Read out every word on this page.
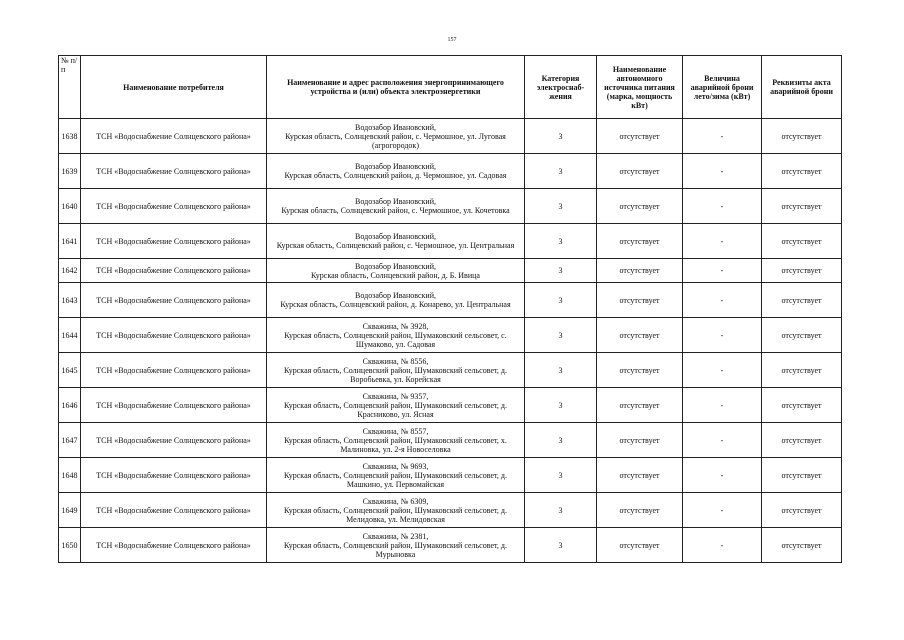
157
№ п/п	Наименование потребителя	Наименование и адрес расположения энергопринимающего устройства и (или) объекта электроэнергетики	Категория электроснаб-жения	Наименование автономного источника питания (марка, мощность кВт)	Величина аварийной брони лето/зима (кВт)	Реквизиты акта аварийной брони
1638	ТСН «Водоснабжение Солнцевского района»	Водозабор Ивановский,
Курская область, Солнцевский район, с. Чермошное, ул. Луговая (агрогородок)	3	отсутствует	-	отсутствует
1639	ТСН «Водоснабжение Солнцевского района»	Водозабор Ивановский,
Курская область, Солнцевский район, д. Чермошное, ул. Садовая	3	отсутствует	-	отсутствует
1640	ТСН «Водоснабжение Солнцевского района»	Водозабор Ивановский,
Курская область, Солнцевский район, с. Чермошное, ул. Кочетовка	3	отсутствует	-	отсутствует
1641	ТСН «Водоснабжение Солнцевского района»	Водозабор Ивановский,
Курская область, Солнцевский район, с. Чермошное, ул. Центральная	3	отсутствует	-	отсутствует
1642	ТСН «Водоснабжение Солнцевского района»	Водозабор Ивановский,
Курская область, Солнцевский район, д. Б. Ивица	3	отсутствует	-	отсутствует
1643	ТСН «Водоснабжение Солнцевского района»	Водозабор Ивановский,
Курская область, Солнцевский район, д. Конарево, ул. Центральная	3	отсутствует	-	отсутствует
1644	ТСН «Водоснабжение Солнцевского района»	Скважина, № 3928,
Курская область, Солнцевский район, Шумаковский сельсовет, с. Шумаково, ул. Садовая	3	отсутствует	-	отсутствует
1645	ТСН «Водоснабжение Солнцевского района»	Скважина, № 8556,
Курская область, Солнцевский район, Шумаковский сельсовет, д. Воробьевка, ул. Корейская	3	отсутствует	-	отсутствует
1646	ТСН «Водоснабжение Солнцевского района»	Скважина, № 9357,
Курская область, Солнцевский район, Шумаковский сельсовет, д. Красниково, ул. Ясная	3	отсутствует	-	отсутствует
1647	ТСН «Водоснабжение Солнцевского района»	Скважина, № 8557,
Курская область, Солнцевский район, Шумаковский сельсовет, х. Малиновка, ул. 2-я Новоселовка	3	отсутствует	-	отсутствует
1648	ТСН «Водоснабжение Солнцевского района»	Скважина, № 9693,
Курская область, Солнцевский район, Шумаковский сельсовет, д. Машкино, ул. Первомайская	3	отсутствует	-	отсутствует
1649	ТСН «Водоснабжение Солнцевского района»	Скважина, № 6309,
Курская область, Солнцевский район, Шумаковский сельсовет, д. Мелидовка, ул. Мелидовская	3	отсутствует	-	отсутствует
1650	ТСН «Водоснабжение Солнцевского района»	Скважина, № 2381,
Курская область, Солнцевский район, Шумаковский сельсовет, д. Мурыновка	3	отсутствует	-	отсутствует
